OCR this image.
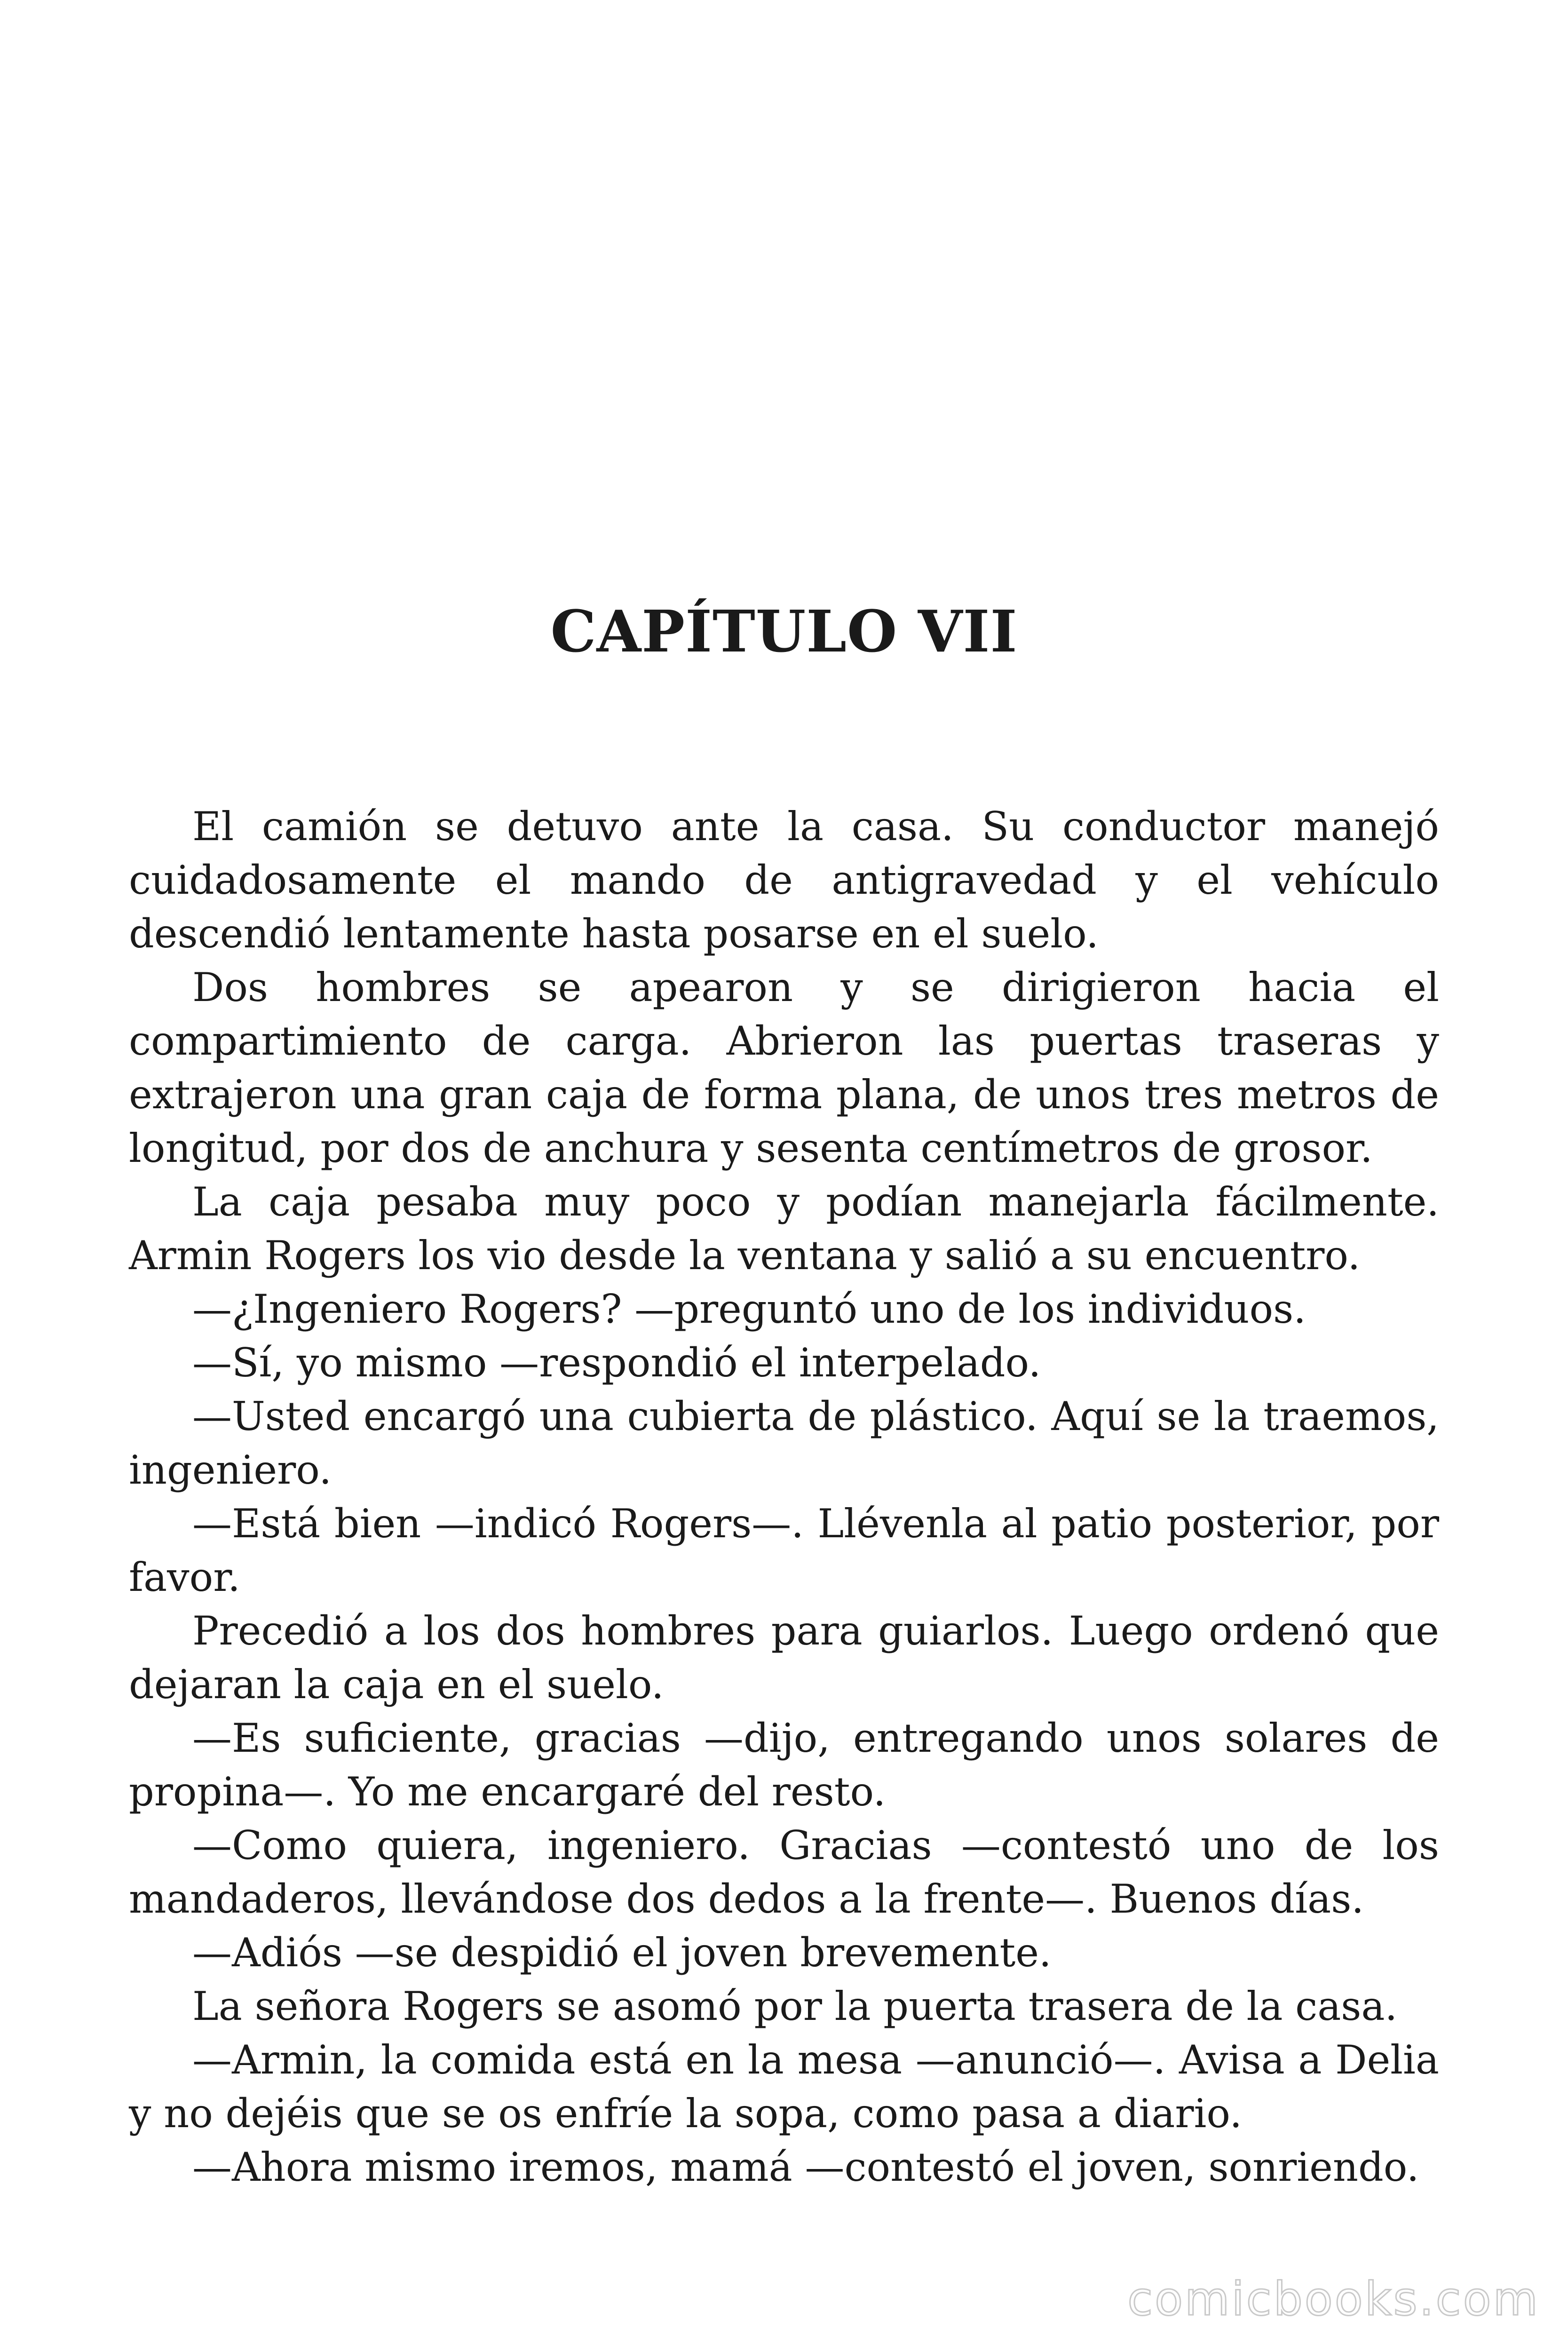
CAPÍTULO VII

El camión se detuvo ante la casa. Su conductor manejó cuidadosamente el mando de antigravedad y el vehículo descendió lentamente hasta posarse en el suelo.

Dos hombres se apearon y se dirigieron hacia el compartimiento de carga. Abrieron las puertas traseras y extrajeron una gran caja de forma plana, de unos tres metros de longitud, por dos de anchura y sesenta centímetros de grosor.

La caja pesaba muy poco y podían manejarla fácilmente. Armin Rogers los vio desde la ventana y salió a su encuentro.

—¿Ingeniero Rogers? —preguntó uno de los individuos.

—Sí, yo mismo —respondió el interpelado.

—Usted encargó una cubierta de plástico. Aquí se la traemos, ingeniero.

—Está bien —indicó Rogers—. Llévenla al patio posterior, por favor.

Precedió a los dos hombres para guiarlos. Luego ordenó que dejaran la caja en el suelo.

—Es suficiente, gracias —dijo, entregando unos solares de propina—. Yo me encargaré del resto.

—Como quiera, ingeniero. Gracias —contestó uno de los mandaderos, llevándose dos dedos a la frente—. Buenos días.

—Adiós —se despidió el joven brevemente.

La señora Rogers se asomó por la puerta trasera de la casa.

—Armin, la comida está en la mesa —anunció—. Avisa a Delia y no dejéis que se os enfríe la sopa, como pasa a diario.

—Ahora mismo iremos, mamá —contestó el joven, sonriendo.

comicbooks.com
